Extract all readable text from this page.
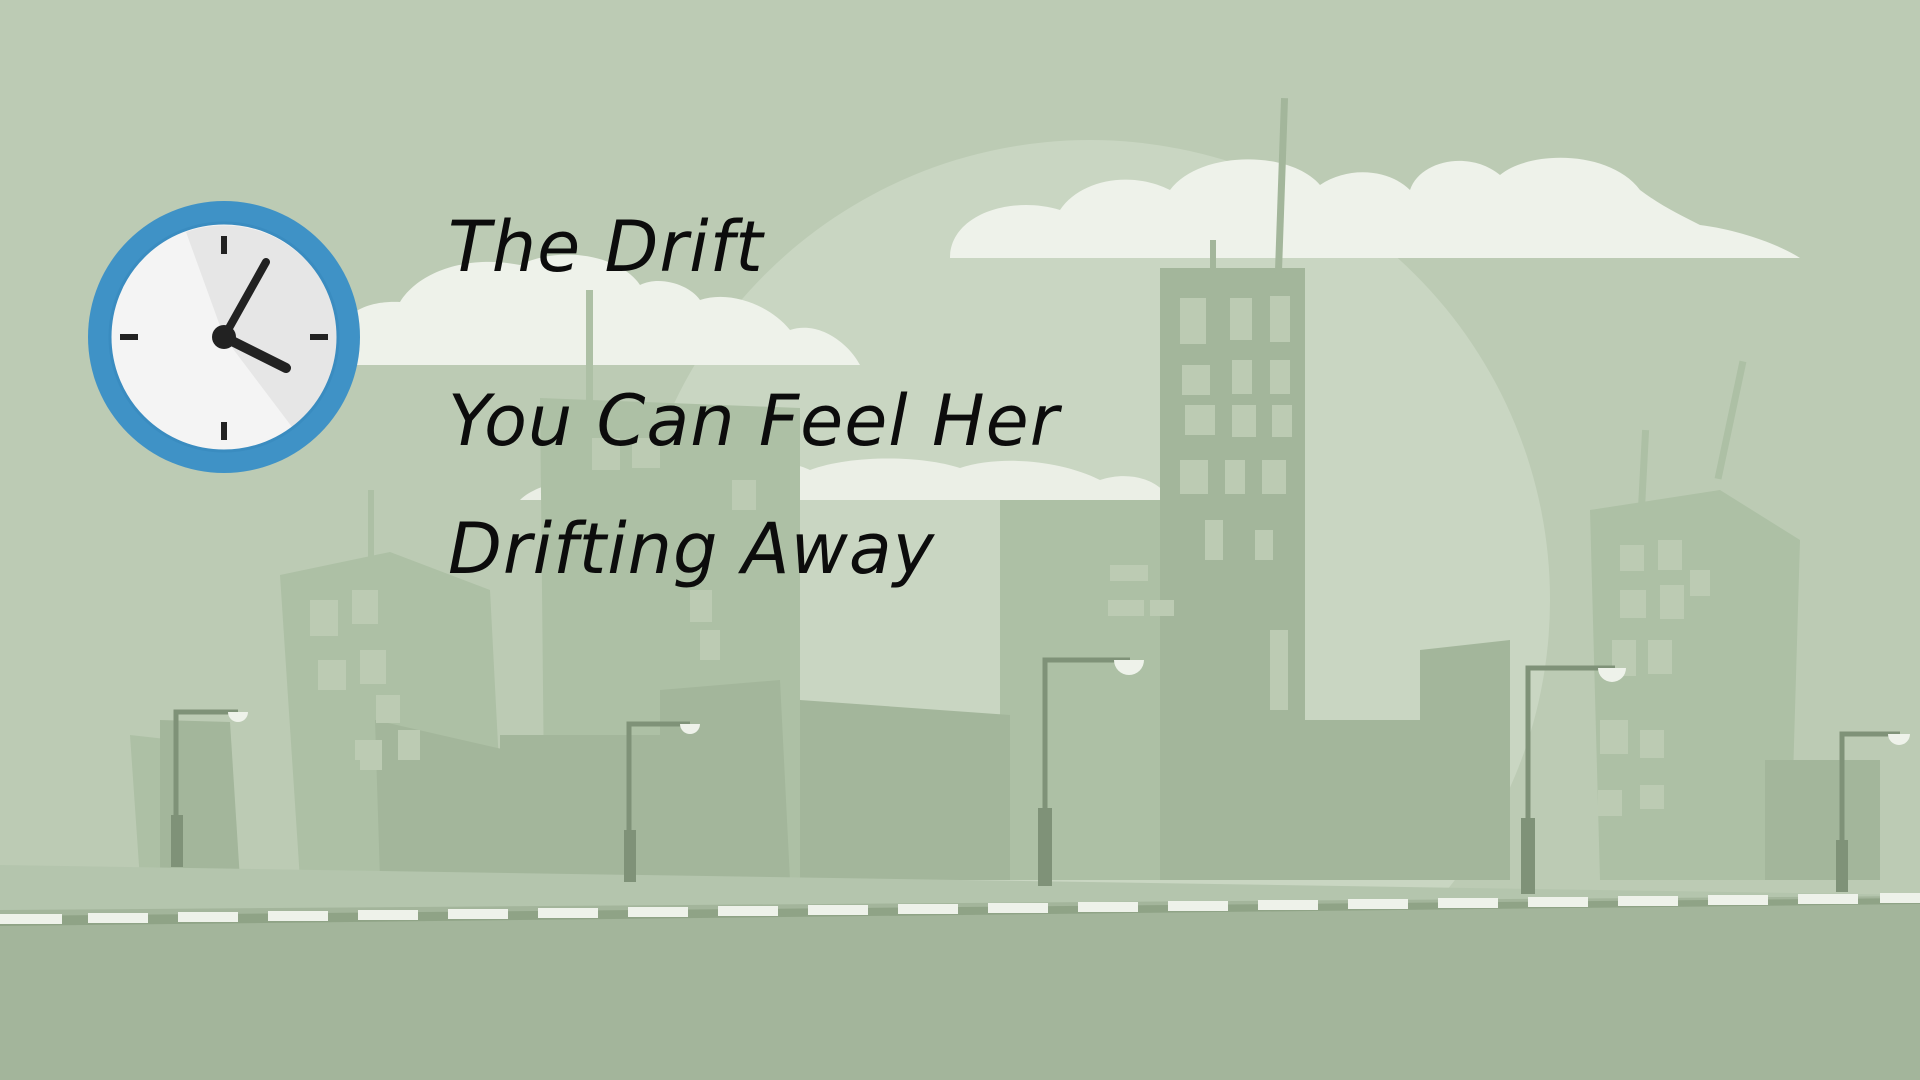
The Drift
You Can Feel Her
Drifting Away
